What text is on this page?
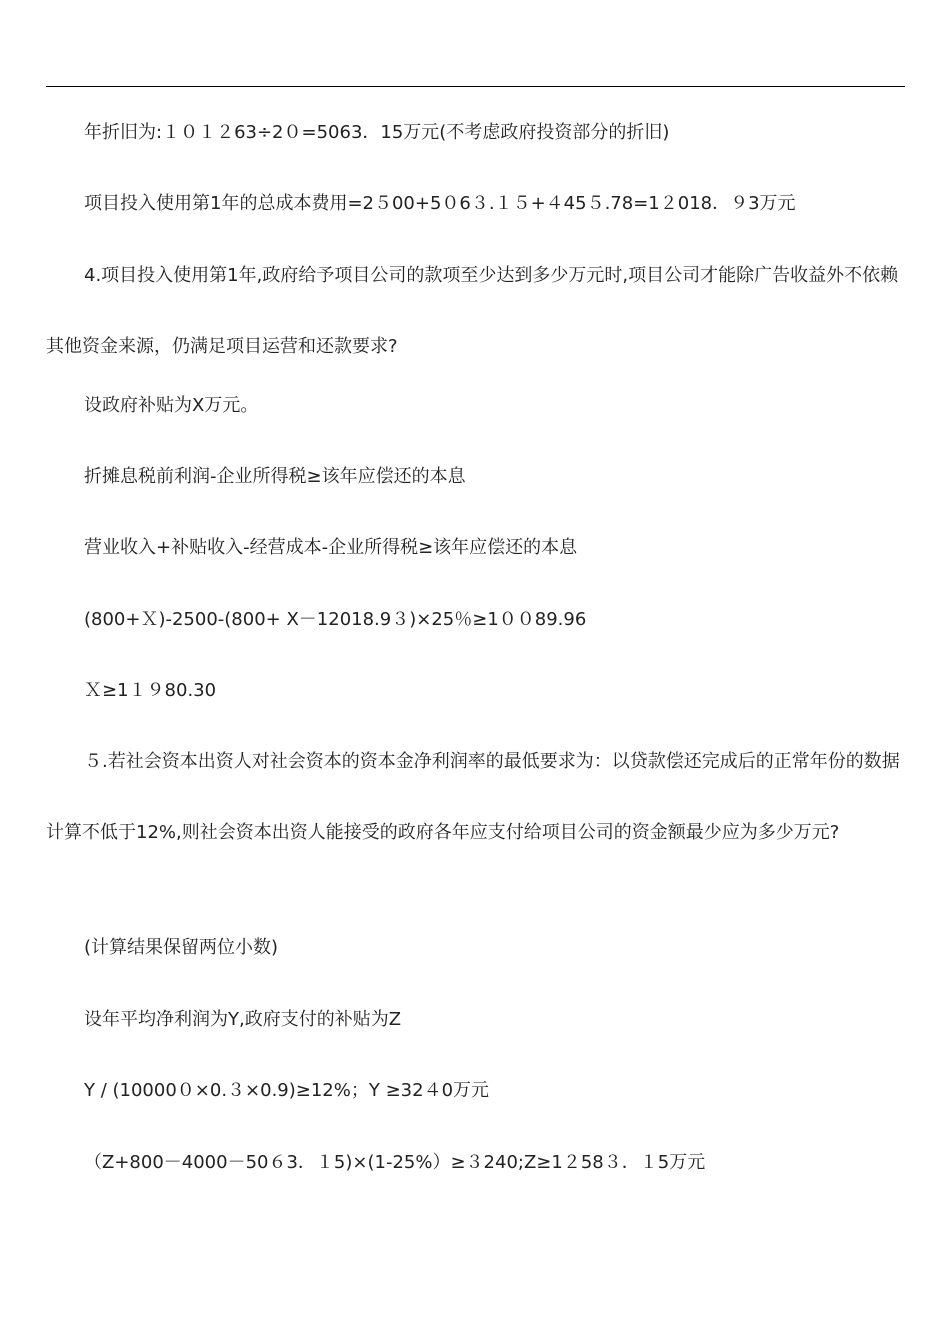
年折旧为:１０１２63÷2０=5063．15万元(不考虑政府投资部分的折旧)
项目投入使用第1年的总成本费用=2５00+5０6３.１５+４45５.78=1２018．９3万元
4.项目投入使用第1年,政府给予项目公司的款项至少达到多少万元时,项目公司才能除广告收益外不依赖其他资金来源，仍满足项目运营和还款要求?
设政府补贴为X万元。
折摊息税前利润-企业所得税≥该年应偿还的本息
营业收入+补贴收入-经营成本-企业所得税≥该年应偿还的本息
(800+Ｘ)-2500-(800+ X－12018.9３)×25％≥1００89.96
Ｘ≥1１９80.30
５.若社会资本出资人对社会资本的资本金净利润率的最低要求为：以贷款偿还完成后的正常年份的数据计算不低于12%,则社会资本出资人能接受的政府各年应支付给项目公司的资金额最少应为多少万元?
(计算结果保留两位小数)
设年平均净利润为Y,政府支付的补贴为Z
Y / (10000０×0.３×0.9)≥12%；Y ≥32４0万元
（Z+800－4000－50６3．１5)×(1-25%）≥３240;Z≥1２58３．１5万元
